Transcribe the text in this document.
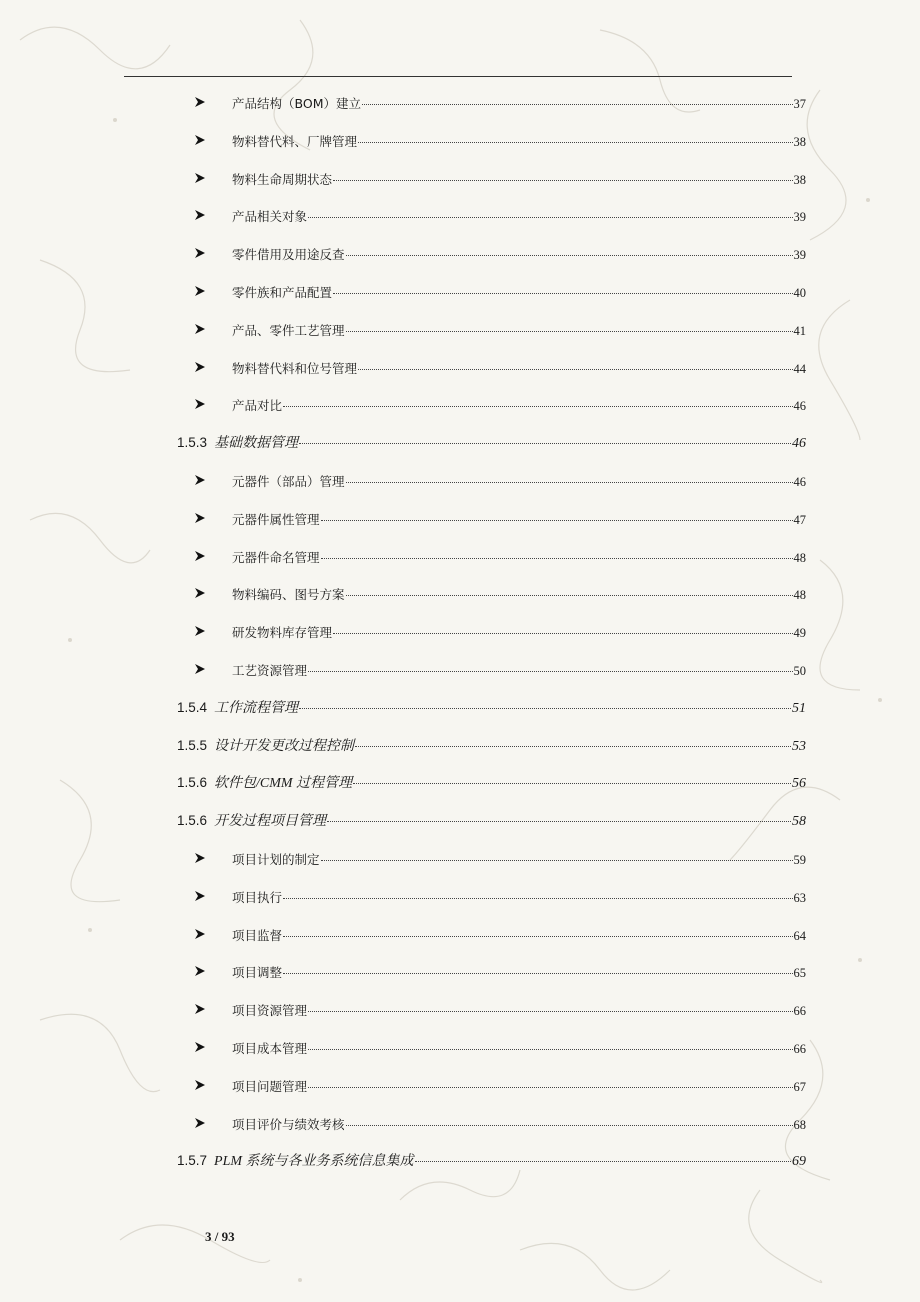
产品结构（BOM）建立	37
物料替代料、厂牌管理	38
物料生命周期状态	38
产品相关对象	39
零件借用及用途反查	39
零件族和产品配置	40
产品、零件工艺管理	41
物料替代料和位号管理	44
产品对比	46
1.5.3 基础数据管理	46
元器件（部品）管理	46
元器件属性管理	47
元器件命名管理	48
物料编码、图号方案	48
研发物料库存管理	49
工艺资源管理	50
1.5.4 工作流程管理	51
1.5.5 设计开发更改过程控制	53
1.5.6 软件包/CMM 过程管理	56
1.5.6 开发过程项目管理	58
项目计划的制定	59
项目执行	63
项目监督	64
项目调整	65
项目资源管理	66
项目成本管理	66
项目问题管理	67
项目评价与绩效考核	68
1.5.7 PLM 系统与各业务系统信息集成	69
3 / 93
